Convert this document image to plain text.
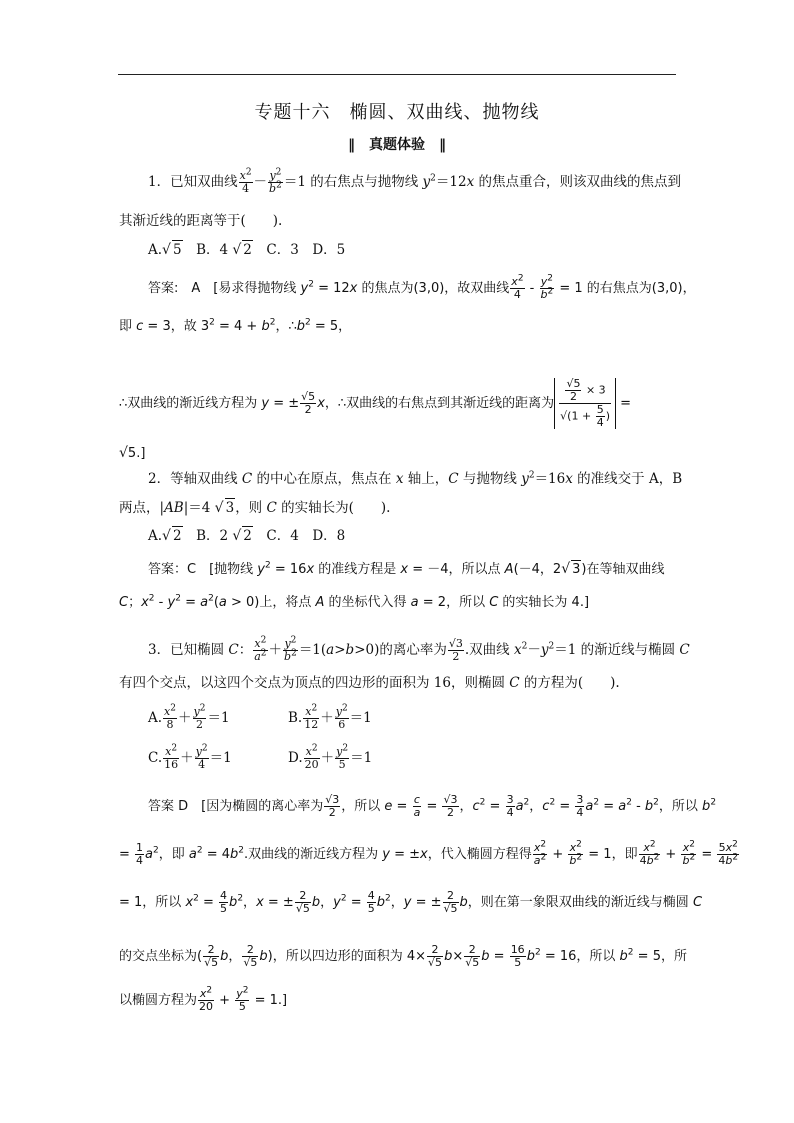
专题十六　椭圆、双曲线、抛物线
‖ 真题体验 ‖
1．已知双曲线 $\frac{x^2}{4} - \frac{y^2}{b^2} =1$ 的右焦点与抛物线 $y^2=12x$ 的焦点重合，则该双曲线的焦点到
其渐近线的距离等于(　　).
A.√ 5　 B．4 √ 2　 C．3　 D．5
答案:　A　[易求得抛物线 $y^2 = 12x$ 的焦点为(3,0)，故双曲线 $\frac{x^2}{4} - \frac{y^2}{b^2} = 1$ 的右焦点为(3,0)，
即 c = 3，故 $3^2 = 4 + b^2$，$\therefore b^2 = 5$，
∴双曲线的渐近线方程为 y = ± $\frac{√5}{2}$ x，∴双曲线的右焦点到其渐近线的距离为 $\frac{\frac{√5}{2} \times 3}{√(1 + \frac{5}{4} )}$ =
√5.]
2．等轴双曲线 C 的中心在原点，焦点在 x 轴上，C 与抛物线 $y^2=16x$ 的准线交于 A，B
两点，|AB|＝4 √ 3，则 C 的实轴长为(　　).
A.√ 2　 B．2 √ 2　 C．4　 D．8
答案：C　[抛物线 $y^2 = 16x$ 的准线方程是 x = －4，所以点 A(－4，2√ 3)在等轴双曲线
C；$x^2 - y^2 = a^2(a > 0)$上，将点 A 的坐标代入得 a = 2，所以 C 的实轴长为 4.]
3．已知椭圆 C： $\frac{x^2}{a^2} + \frac{y^2}{b^2} =1(a>b>0)$的离心率为 $\frac{√3}{2}$ .双曲线 $x^2-y^2=1$ 的渐近线与椭圆 C
有四个交点，以这四个交点为顶点的四边形的面积为 16，则椭圆 C 的方程为(　　).
A. $\frac{x^2}{8} + \frac{y^2}{2} =1$	B. $\frac{x^2}{12} + \frac{y^2}{6} =1$
C. $\frac{x^2}{16} + \frac{y^2}{4} =1$	D. $\frac{x^2}{20} + \frac{y^2}{5} =1$
答案 D　[因为椭圆的离心率为 $\frac{√3}{2}$ ，所以 $e = \frac{c}{a} = \frac{√3}{2}$ ，$c^2 = \frac{3}{4} a^2$，$c^2 = \frac{3}{4} a^2 = a^2 - b^2$，所以 $b^2$
= $\frac{1}{4} a^2$，即 $a^2 = 4b^2$.双曲线的渐近线方程为 y = ±x，代入椭圆方程得 $\frac{x^2}{a^2} + \frac{x^2}{b^2} = 1$，即 $\frac{x^2}{4b^2} + \frac{x^2}{b^2} = \frac{5x^2}{4b^2}$
= 1，所以 $x^2 = \frac{4}{5} b^2$，x = ± $\frac{2}{√5}$ b，$y^2 = \frac{4}{5} b^2$，y = ± $\frac{2}{√5}$ b，则在第一象限双曲线的渐近线与椭圆 C
的交点坐标为( $\frac{2}{√5}$ b， $\frac{2}{√5} b$)，所以四边形的面积为 $4\times \frac{2}{√5} b\times \frac{2}{√5}$ $b = \frac{16}{5} b^2 = 16$，所以 $b^2 = 5$，所
以椭圆方程为 $\frac{x^2}{20} + \frac{y^2}{5} = 1$.]
